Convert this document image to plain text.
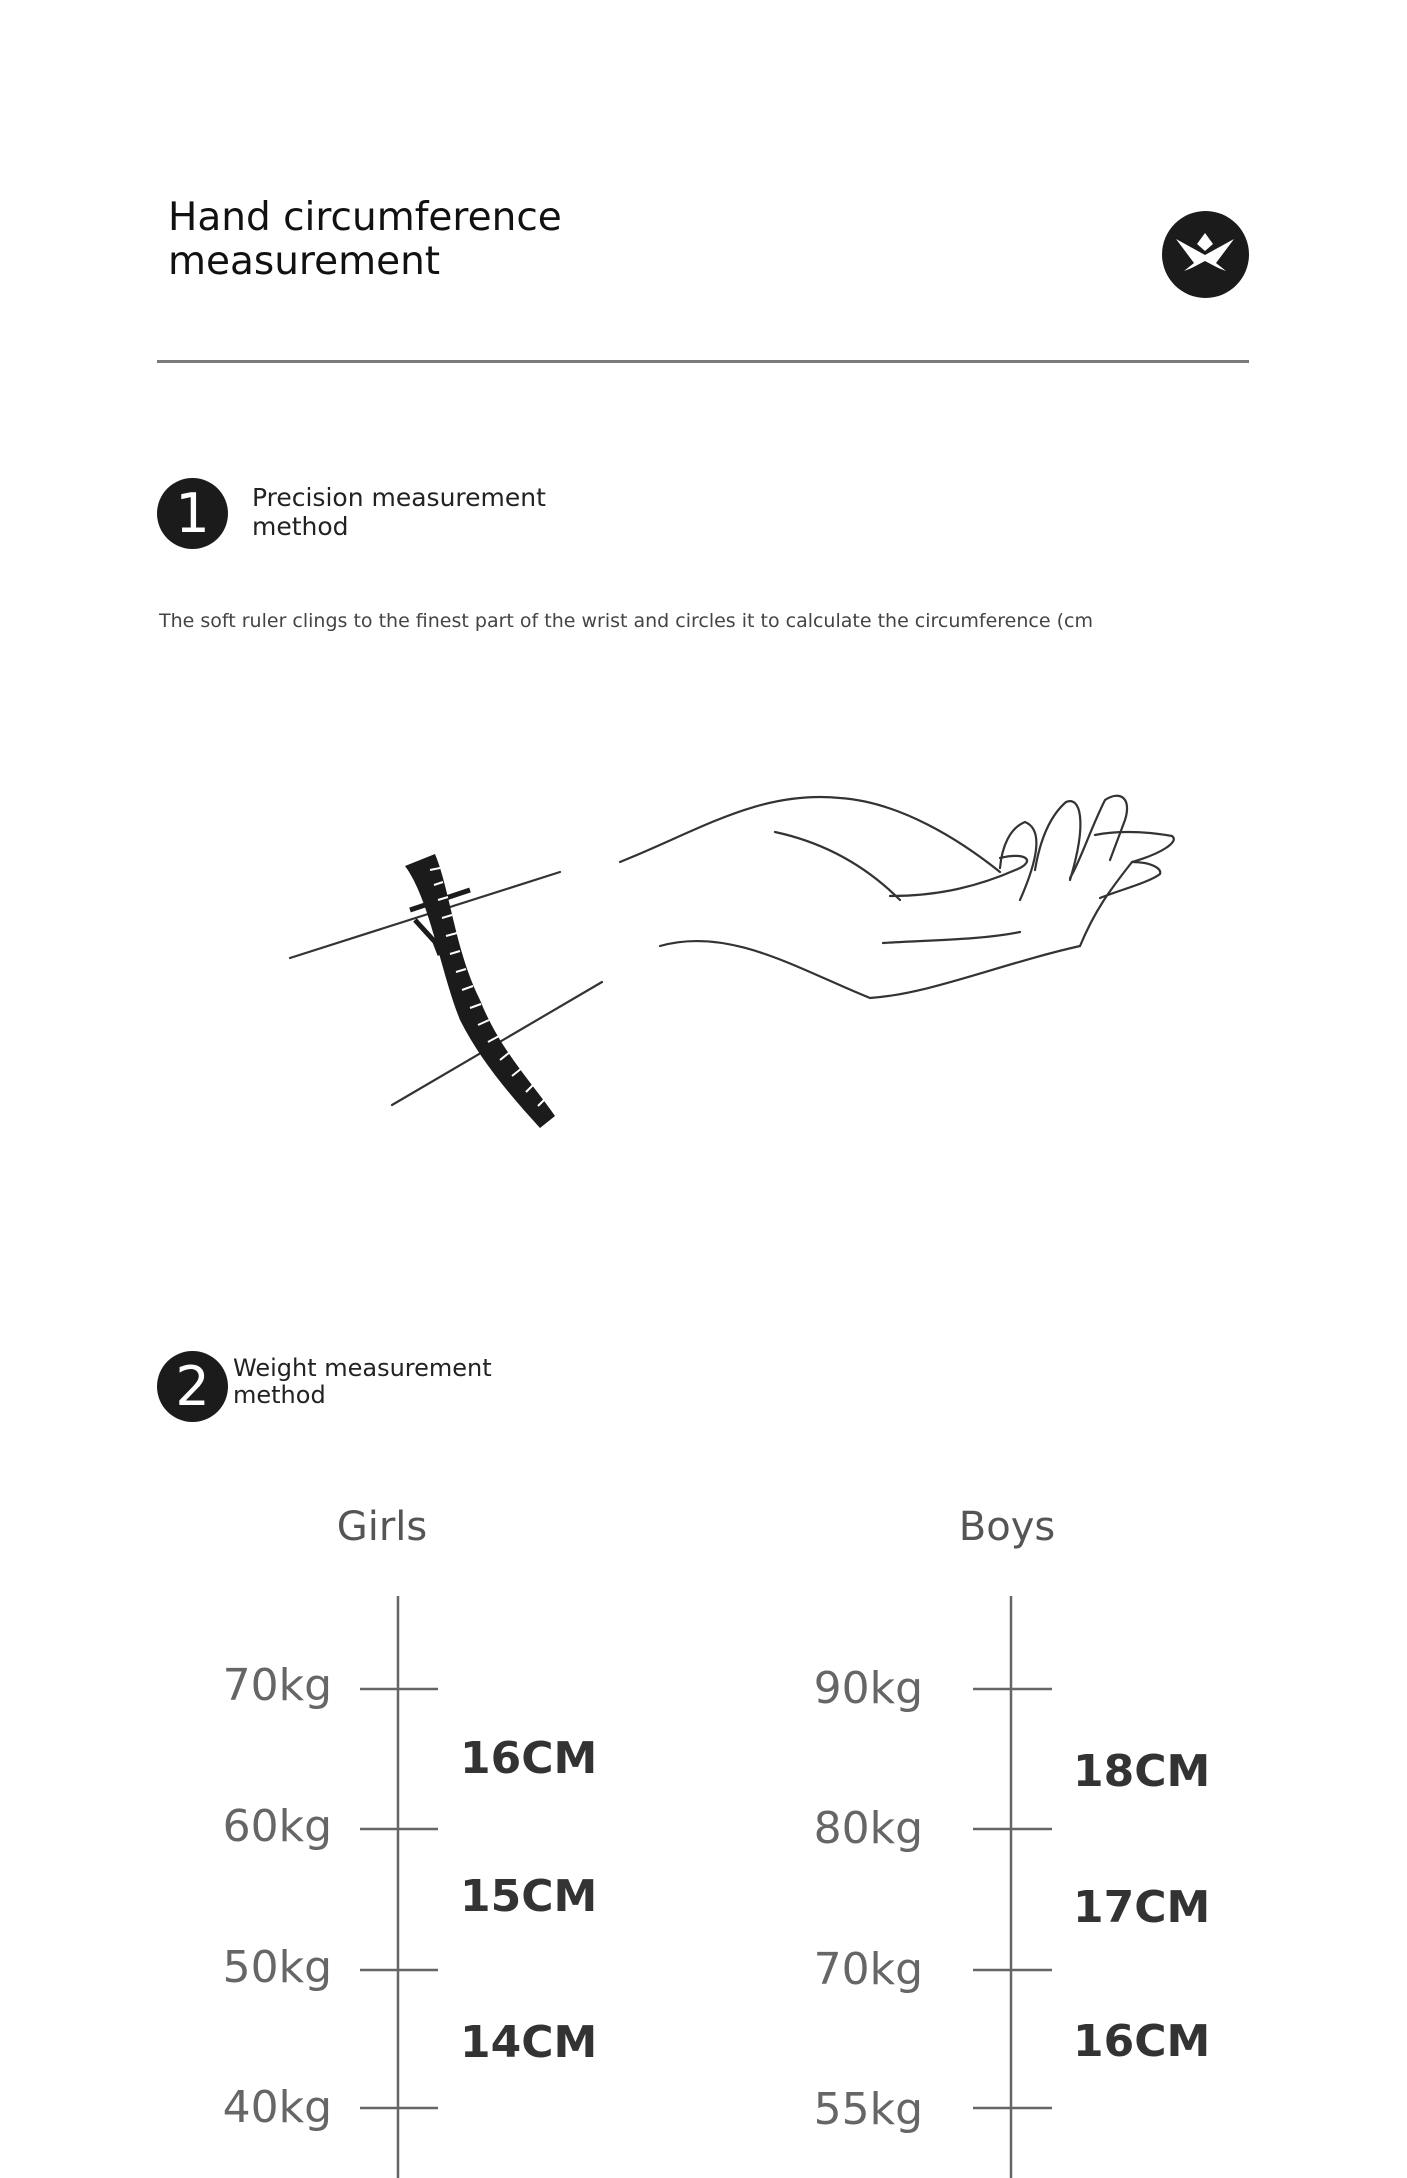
Hand circumference
measurement
1	Precision measurement
method
The soft ruler clings to the finest part of the wrist and circles it to calculate the circumference (cm
2 Weight measurement
method
Girls
70kg
60kg
50kg
40kg
16CM
15CM
14CM
Boys
90kg
80kg
70kg
55kg
18CM
17CM
16CM
